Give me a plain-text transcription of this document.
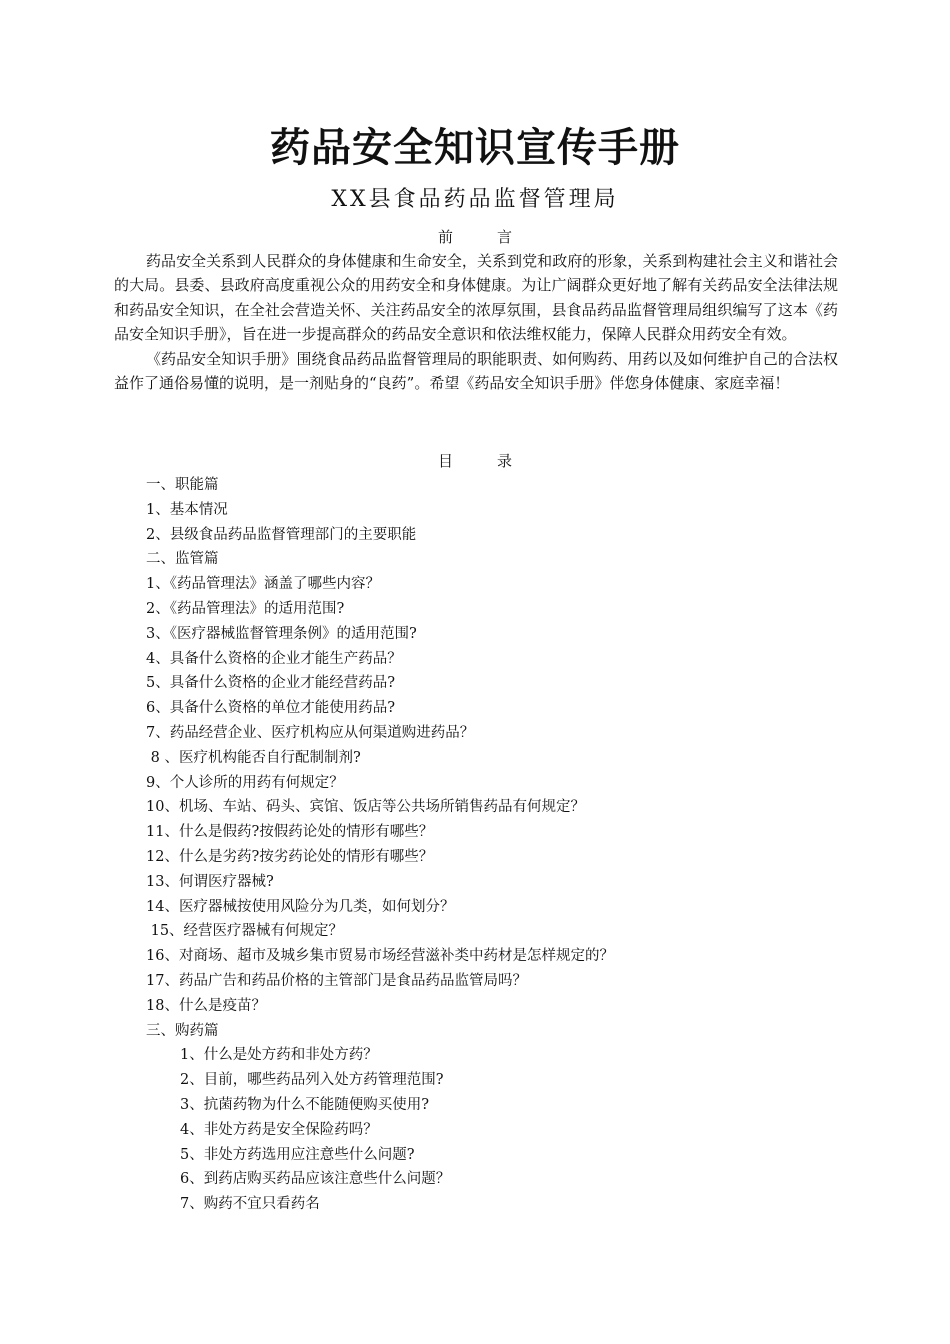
药品安全知识宣传手册
XX县食品药品监督管理局
前	言

药品安全关系到人民群众的身体健康和生命安全，关系到党和政府的形象，关系到构建社会主义和谐社会的大局。县委、县政府高度重视公众的用药安全和身体健康。为让广阔群众更好地了解有关药品安全法律法规和药品安全知识，在全社会营造关怀、关注药品安全的浓厚氛围，县食品药品监督管理局组织编写了这本《药品安全知识手册》，旨在进一步提高群众的药品安全意识和依法维权能力，保障人民群众用药安全有效。

《药品安全知识手册》围绕食品药品监督管理局的职能职责、如何购药、用药以及如何维护自己的合法权益作了通俗易懂的说明，是一剂贴身的“良药”。希望《药品安全知识手册》伴您身体健康、家庭幸福！

目	录
一、职能篇
1、基本情况
2、县级食品药品监督管理部门的主要职能
二、监管篇
1、《药品管理法》涵盖了哪些内容？
2、《药品管理法》的适用范围?
3、《医疗器械监督管理条例》的适用范围?
4、具备什么资格的企业才能生产药品？
5、具备什么资格的企业才能经营药品?
6、具备什么资格的单位才能使用药品?
7、药品经营企业、医疗机构应从何渠道购进药品？
8 、医疗机构能否自行配制制剂?
9、个人诊所的用药有何规定？
10、机场、车站、码头、宾馆、饭店等公共场所销售药品有何规定？
11、什么是假药?按假药论处的情形有哪些？
12、什么是劣药?按劣药论处的情形有哪些？
13、何谓医疗器械?
14、医疗器械按使用风险分为几类，如何划分？
15、经营医疗器械有何规定？
16、对商场、超市及城乡集市贸易市场经营滋补类中药材是怎样规定的？
17、药品广告和药品价格的主管部门是食品药品监管局吗？
18、什么是疫苗？
三、购药篇
1、什么是处方药和非处方药？
2、目前，哪些药品列入处方药管理范围?
3、抗菌药物为什么不能随便购买使用?
4、非处方药是安全保险药吗？
5、非处方药选用应注意些什么问题?
6、到药店购买药品应该注意些什么问题？
7、购药不宜只看药名
